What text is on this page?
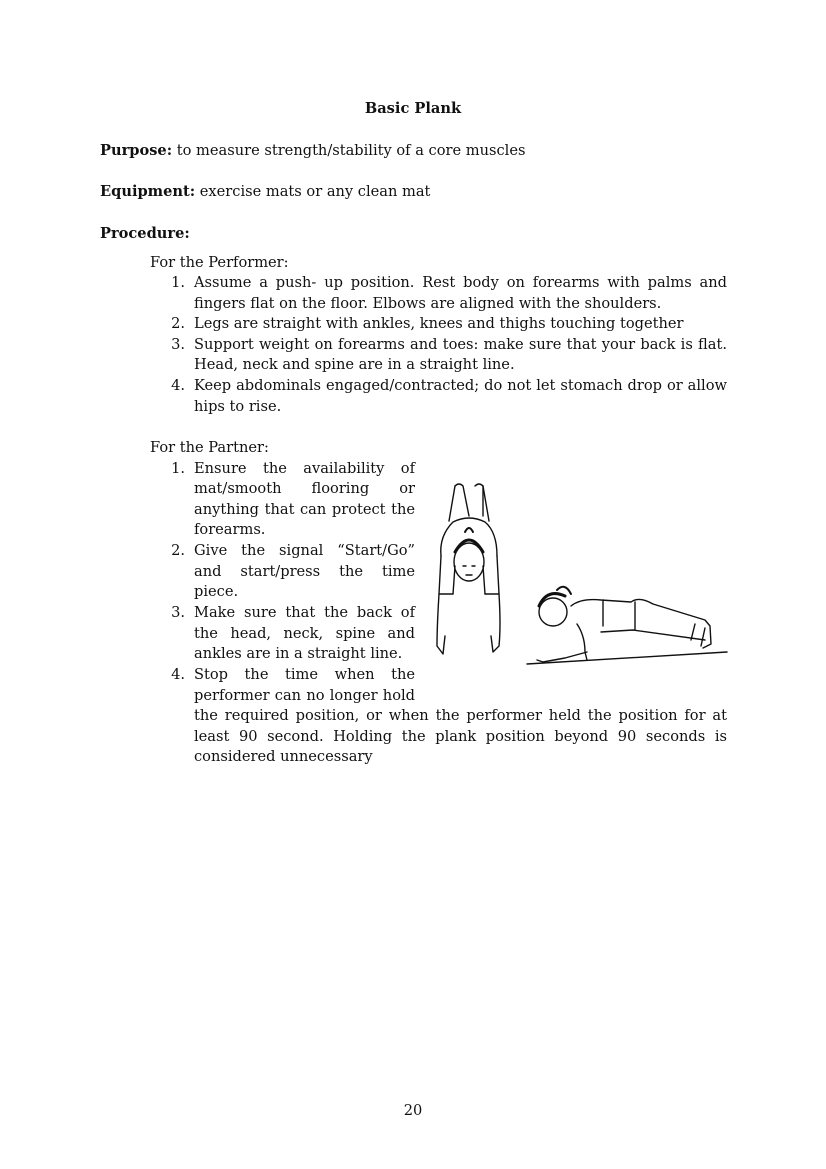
Basic Plank
Purpose: to measure strength/stability of a core muscles
Equipment: exercise mats or any clean mat
Procedure:
For the Performer:
1. Assume a push- up position. Rest body on forearms with palms and
fingers flat on the floor. Elbows are aligned with the shoulders.
2. Legs are straight with ankles, knees and thighs touching together
3. Support weight on forearms and toes: make sure that your back is flat.
Head, neck and spine are in a straight line.
4. Keep abdominals engaged/contracted; do not let stomach drop or allow
hips to rise.
For the Partner:
1. Ensure the availability of
mat/smooth flooring or
anything that can protect the
forearms.
2. Give the signal “Start/Go”
and start/press the time
piece.
3. Make sure that the back of
the head, neck, spine and
ankles are in a straight line.
4. Stop the time when the
performer can no longer hold
the required position, or when the performer held the position for at
least 90 second. Holding the plank position beyond 90 seconds is
considered unnecessary
20
